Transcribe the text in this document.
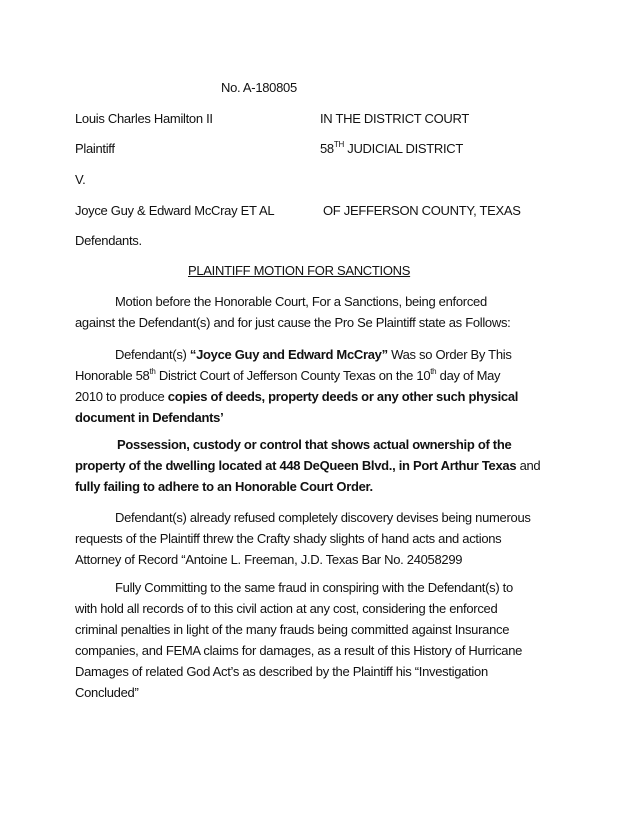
No. A-180805
Louis Charles Hamilton II	IN THE DISTRICT COURT
Plaintiff	58TH JUDICIAL DISTRICT
V.
Joyce Guy & Edward McCray ET AL	OF JEFFERSON COUNTY, TEXAS
Defendants.
PLAINTIFF MOTION FOR SANCTIONS
Motion before the Honorable Court, For a Sanctions, being enforced
against the Defendant(s) and for just cause the Pro Se Plaintiff state as Follows:
Defendant(s) “Joyce Guy and Edward McCray” Was so Order By This
Honorable 58th District Court of Jefferson County Texas on the 10th day of May
2010 to produce copies of deeds, property deeds or any other such physical
document in Defendants’
Possession, custody or control that shows actual ownership of the
property of the dwelling located at 448 DeQueen Blvd., in Port Arthur Texas and
fully failing to adhere to an Honorable Court Order.
Defendant(s) already refused completely discovery devises being numerous
requests of the Plaintiff threw the Crafty shady slights of hand acts and actions
Attorney of Record “Antoine L. Freeman, J.D. Texas Bar No. 24058299
Fully Committing to the same fraud in conspiring with the Defendant(s) to
with hold all records of to this civil action at any cost, considering the enforced
criminal penalties in light of the many frauds being committed against Insurance
companies, and FEMA claims for damages, as a result of this History of Hurricane
Damages of related God Act’s as described by the Plaintiff his “Investigation
Concluded”
